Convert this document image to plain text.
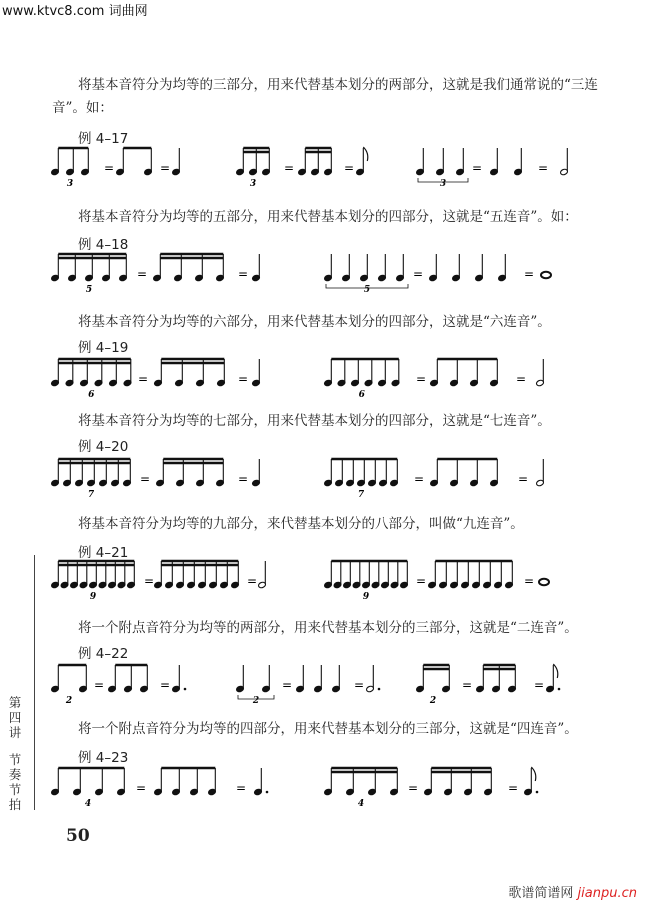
www.ktvc8.com 词曲网
将基本音符分为均等的三部分，用来代替基本划分的两部分，这就是我们通常说的“三连音”。如：
例 4–17
将基本音符分为均等的五部分，用来代替基本划分的四部分，这就是“五连音”。如：
例 4–18
将基本音符分为均等的六部分，用来代替基本划分的四部分，这就是“六连音”。
例 4–19
将基本音符分为均等的七部分，用来代替基本划分的四部分，这就是“七连音”。
例 4–20
将基本音符分为均等的九部分，来代替基本划分的八部分，叫做“九连音”。
例 4–21
将一个附点音符分为均等的两部分，用来代替基本划分的三部分，这就是“二连音”。
例 4–22
将一个附点音符分为均等的四部分，用来代替基本划分的三部分，这就是“四连音”。
例 4–23
3
=	=
3
=	=
3
=	=
5
=	=
5
=	=
6
=	=
6
=	=
7
=	=
7
=	=
9
=	=
9
=	=
2
=	=
2
=	=
2
=	=
4
=	=
4
=	=
第四讲
节奏节拍
50
歌谱简谱网 jianpu.cn
